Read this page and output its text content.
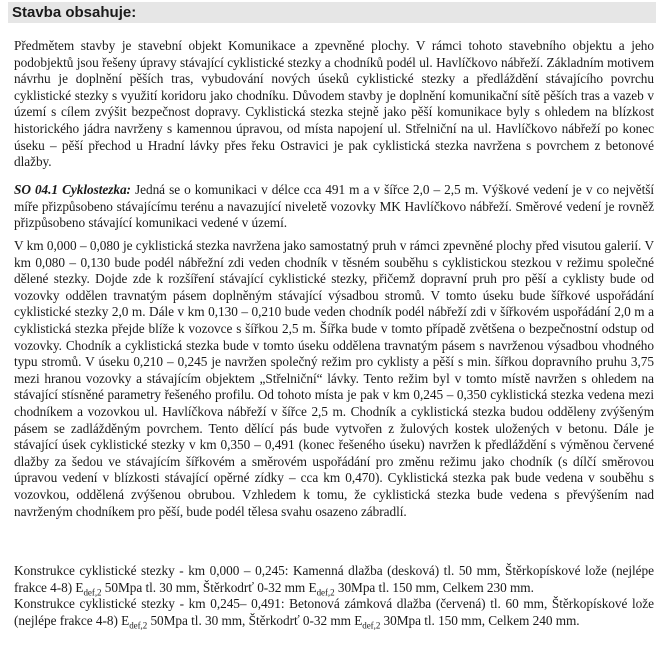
Stavba obsahuje:

Předmětem stavby je stavební objekt Komunikace a zpevněné plochy. V rámci tohoto stavebního objektu a jeho podobjektů jsou řešeny úpravy stávající cyklistické stezky a chodníků podél ul. Havlíčkovo nábřeží. Základním motivem návrhu je doplnění pěších tras, vybudování nových úseků cyklistické stezky a předláždění stávajícího povrchu cyklistické stezky s využití koridoru jako chodníku. Důvodem stavby je doplnění komunikační sítě pěších tras a vazeb v území s cílem zvýšit bezpečnost dopravy. Cyklistická stezka stejně jako pěší komunikace byly s ohledem na blízkost historického jádra navrženy s kamennou úpravou, od místa napojení ul. Střelniční na ul. Havlíčkovo nábřeží po konec úseku – pěší přechod u Hradní lávky přes řeku Ostravici je pak cyklistická stezka navržena s povrchem z betonové dlažby.

SO 04.1 Cyklostezka: Jedná se o komunikaci v délce cca 491 m a v šířce 2,0 – 2,5 m. Výškové vedení je v co největší míře přizpůsobeno stávajícímu terénu a navazující niveletě vozovky MK Havlíčkovo nábřeží. Směrové vedení je rovněž přizpůsobeno stávající komunikaci vedené v území.

V km 0,000 – 0,080 je cyklistická stezka navržena jako samostatný pruh v rámci zpevněné plochy před visutou galerií. V km 0,080 – 0,130 bude podél nábřežní zdi veden chodník v těsném souběhu s cyklistickou stezkou v režimu společné dělené stezky. Dojde zde k rozšíření stávající cyklistické stezky, přičemž dopravní pruh pro pěší a cyklisty bude od vozovky oddělen travnatým pásem doplněným stávající výsadbou stromů. V tomto úseku bude šířkové uspořádání cyklistické stezky 2,0 m. Dále v km 0,130 – 0,210 bude veden chodník podél nábřeží zdi v šířkovém uspořádání 2,0 m a cyklistická stezka přejde blíže k vozovce s šířkou 2,5 m. Šířka bude v tomto případě zvětšena o bezpečnostní odstup od vozovky. Chodník a cyklistická stezka bude v tomto úseku oddělena travnatým pásem s navrženou výsadbou vhodného typu stromů. V úseku 0,210 – 0,245 je navržen společný režim pro cyklisty a pěší s min. šířkou dopravního pruhu 3,75 mezi hranou vozovky a stávajícím objektem „Střelniční“ lávky. Tento režim byl v tomto místě navržen s ohledem na stávající stísněné parametry řešeného profilu. Od tohoto místa je pak v km 0,245 – 0,350 cyklistická stezka vedena mezi chodníkem a vozovkou ul. Havlíčkova nábřeží v šířce 2,5 m. Chodník a cyklistická stezka budou odděleny zvýšeným pásem se zadlážděným povrchem. Tento dělící pás bude vytvořen z žulových kostek uložených v betonu. Dále je stávající úsek cyklistické stezky v km 0,350 – 0,491 (konec řešeného úseku) navržen k předláždění s výměnou červené dlažby za šedou ve stávajícím šířkovém a směrovém uspořádání pro změnu režimu jako chodník (s dílčí směrovou úpravou vedení v blízkosti stávající opěrné zídky – cca km 0,470). Cyklistická stezka pak bude vedena v souběhu s vozovkou, oddělená zvýšenou obrubou. Vzhledem k tomu, že cyklistická stezka bude vedena s převýšením nad navrženým chodníkem pro pěší, bude podél tělesa svahu osazeno zábradlí.

Konstrukce cyklistické stezky - km 0,000 – 0,245: Kamenná dlažba (desková) tl. 50 mm, Štěrkopískové lože (nejlépe frakce 4-8) $E_{def,2}$ 50Mpa tl. 30 mm, Štěrkodrť 0-32 mm $E_{def,2}$ 30Mpa tl. 150 mm, Celkem 230 mm.
Konstrukce cyklistické stezky - km 0,245– 0,491: Betonová zámková dlažba (červená) tl. 60 mm, Štěrkopískové lože (nejlépe frakce 4-8) $E_{def,2}$ 50Mpa tl. 30 mm, Štěrkodrť 0-32 mm $E_{def,2}$ 30Mpa tl. 150 mm, Celkem 240 mm.
